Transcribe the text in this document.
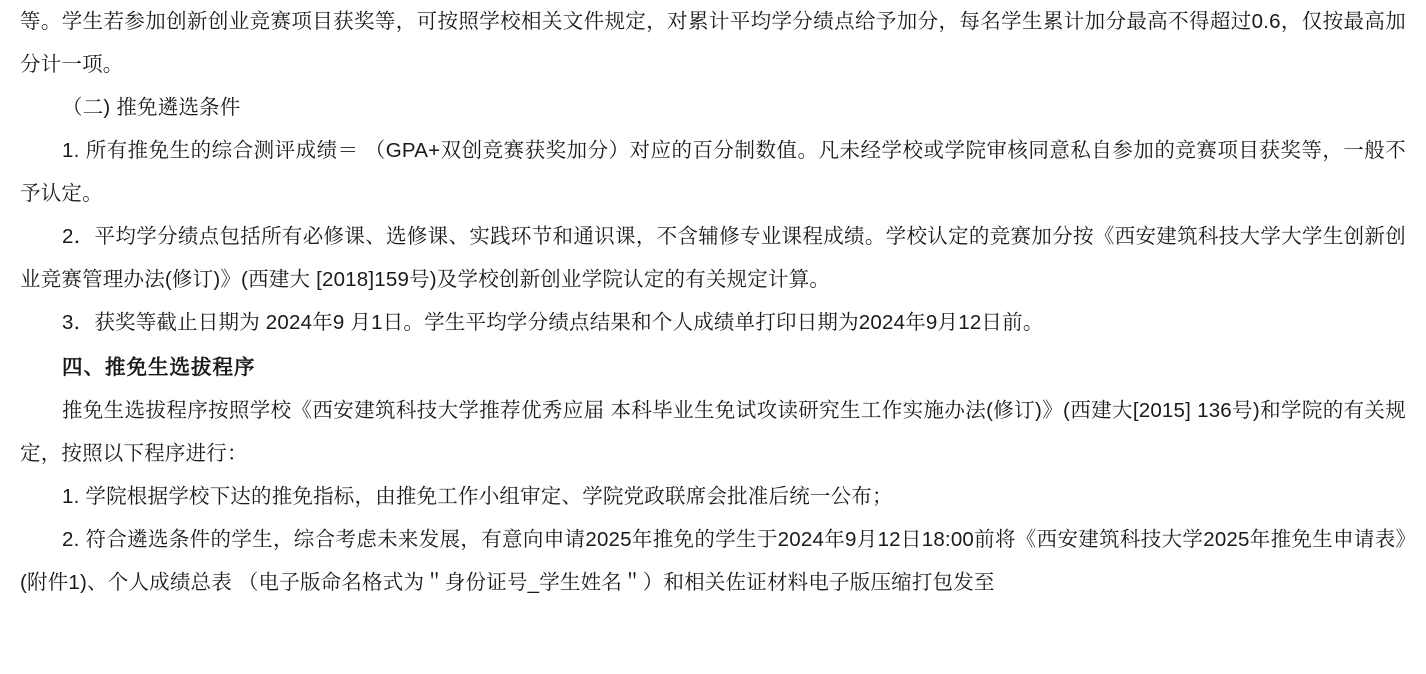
等。学生若参加创新创业竞赛项目获奖等，可按照学校相关文件规定，对累计平均学分绩点给予加分，每名学生累计加分最高不得超过0.6，仅按最高加分计一项。

（二) 推免遴选条件

1. 所有推免生的综合测评成绩＝ （GPA+双创竞赛获奖加分）对应的百分制数值。凡未经学校或学院审核同意私自参加的竞赛项目获奖等，一般不予认定。

2．平均学分绩点包括所有必修课、选修课、实践环节和通识课，不含辅修专业课程成绩。学校认定的竞赛加分按《西安建筑科技大学大学生创新创业竞赛管理办法(修订)》(西建大 [2018]159号)及学校创新创业学院认定的有关规定计算。

3．获奖等截止日期为 2024年9 月1日。学生平均学分绩点结果和个人成绩单打印日期为2024年9月12日前。

四、推免生选拔程序

推免生选拔程序按照学校《西安建筑科技大学推荐优秀应届 本科毕业生免试攻读研究生工作实施办法(修订)》(西建大[2015] 136号)和学院的有关规定，按照以下程序进行：

1. 学院根据学校下达的推免指标，由推免工作小组审定、学院党政联席会批准后统一公布；

2. 符合遴选条件的学生，综合考虑未来发展，有意向申请2025年推免的学生于2024年9月12日18:00前将《西安建筑科技大学2025年推免生申请表》(附件1)、个人成绩总表 （电子版命名格式为＂身份证号_学生姓名＂）和相关佐证材料电子版压缩打包发至
